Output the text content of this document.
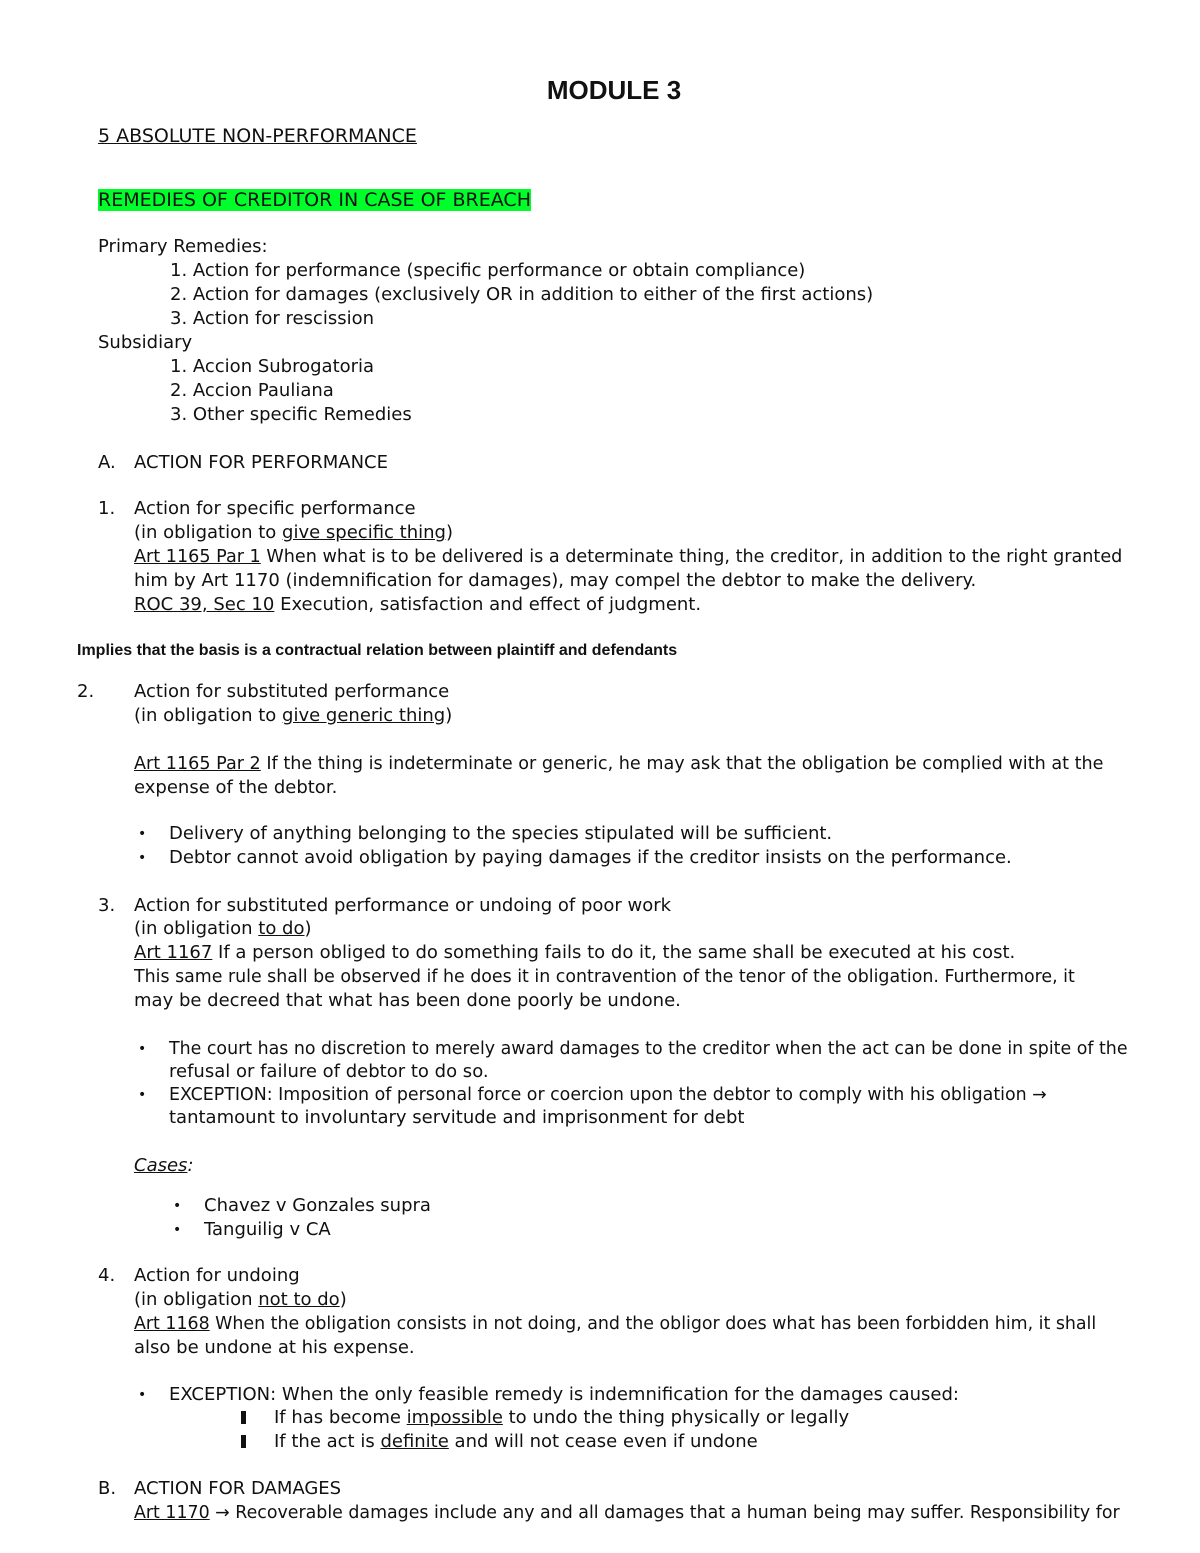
MODULE 3
5 ABSOLUTE NON-PERFORMANCE
REMEDIES OF CREDITOR IN CASE OF BREACH
Primary Remedies:
1. Action for performance (specific performance or obtain compliance)
2. Action for damages (exclusively OR in addition to either of the first actions)
3. Action for rescission
Subsidiary
1. Accion Subrogatoria
2. Accion Pauliana
3. Other specific Remedies
A. ACTION FOR PERFORMANCE
1. Action for specific performance
(in obligation to give specific thing)
Art 1165 Par 1 When what is to be delivered is a determinate thing, the creditor, in addition to the right granted
him by Art 1170 (indemnification for damages), may compel the debtor to make the delivery.
ROC 39, Sec 10 Execution, satisfaction and effect of judgment.
Implies that the basis is a contractual relation between plaintiff and defendants
2. Action for substituted performance
(in obligation to give generic thing)
Art 1165 Par 2 If the thing is indeterminate or generic, he may ask that the obligation be complied with at the
expense of the debtor.
• Delivery of anything belonging to the species stipulated will be sufficient.
• Debtor cannot avoid obligation by paying damages if the creditor insists on the performance.
3. Action for substituted performance or undoing of poor work
(in obligation to do)
Art 1167 If a person obliged to do something fails to do it, the same shall be executed at his cost.
This same rule shall be observed if he does it in contravention of the tenor of the obligation. Furthermore, it
may be decreed that what has been done poorly be undone.
• The court has no discretion to merely award damages to the creditor when the act can be done in spite of the
refusal or failure of debtor to do so.
• EXCEPTION: Imposition of personal force or coercion upon the debtor to comply with his obligation →
tantamount to involuntary servitude and imprisonment for debt
Cases:
• Chavez v Gonzales supra
• Tanguilig v CA
4. Action for undoing
(in obligation not to do)
Art 1168 When the obligation consists in not doing, and the obligor does what has been forbidden him, it shall
also be undone at his expense.
• EXCEPTION: When the only feasible remedy is indemnification for the damages caused:
If has become impossible to undo the thing physically or legally
If the act is definite and will not cease even if undone
B. ACTION FOR DAMAGES
Art 1170 → Recoverable damages include any and all damages that a human being may suffer. Responsibility for
